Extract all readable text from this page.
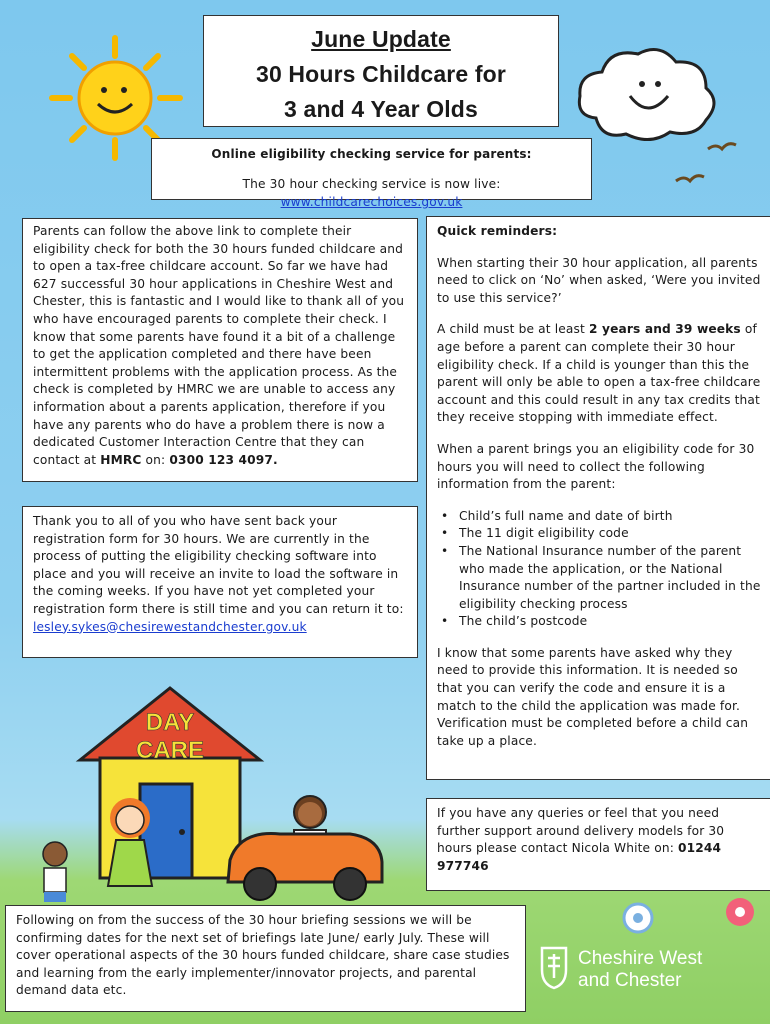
DAY
CARE
June Update
30 Hours Childcare for
3 and 4 Year Olds
Online eligibility checking service for parents:
The 30 hour checking service is now live: www.childcarechoices.gov.uk
Parents can follow the above link to complete their eligibility check for both the 30 hours funded childcare and to open a tax-free childcare account. So far we have had 627 successful 30 hour applications in Cheshire West and Chester, this is fantastic and I would like to thank all of you who have encouraged parents to complete their check. I know that some parents have found it a bit of a challenge to get the application completed and there have been intermittent problems with the application process. As the check is completed by HMRC we are unable to access any information about a parents application, therefore if you have any parents who do have a problem there is now a dedicated Customer Interaction Centre that they can contact at HMRC on: 0300 123 4097.
Thank you to all of you who have sent back your registration form for 30 hours. We are currently in the process of putting the eligibility checking software into place and you will receive an invite to load the software in the coming weeks. If you have not yet completed your registration form there is still time and you can return it to: lesley.sykes@chesirewestandchester.gov.uk
Quick reminders:

When starting their 30 hour application, all parents need to click on ‘No’ when asked, ‘Were you invited to use this service?’

A child must be at least 2 years and 39 weeks of age before a parent can complete their 30 hour eligibility check. If a child is younger than this the parent will only be able to open a tax-free childcare account and this could result in any tax credits that they receive stopping with immediate effect.

When a parent brings you an eligibility code for 30 hours you will need to collect the following information from the parent:

• Child’s full name and date of birth
• The 11 digit eligibility code
• The National Insurance number of the parent who made the application, or the National Insurance number of the partner included in the eligibility checking process
• The child’s postcode

I know that some parents have asked why they need to provide this information. It is needed so that you can verify the code and ensure it is a match to the child the application was made for. Verification must be completed before a child can take up a place.

If you have any queries or feel that you need further support around delivery models for 30 hours please contact Nicola White on: 01244 977746
Following on from the success of the 30 hour briefing sessions we will be confirming dates for the next set of briefings late June/ early July. These will cover operational aspects of the 30 hours funded childcare, share case studies and learning from the early implementer/innovator projects, and parental demand data etc.
Cheshire West
and Chester
